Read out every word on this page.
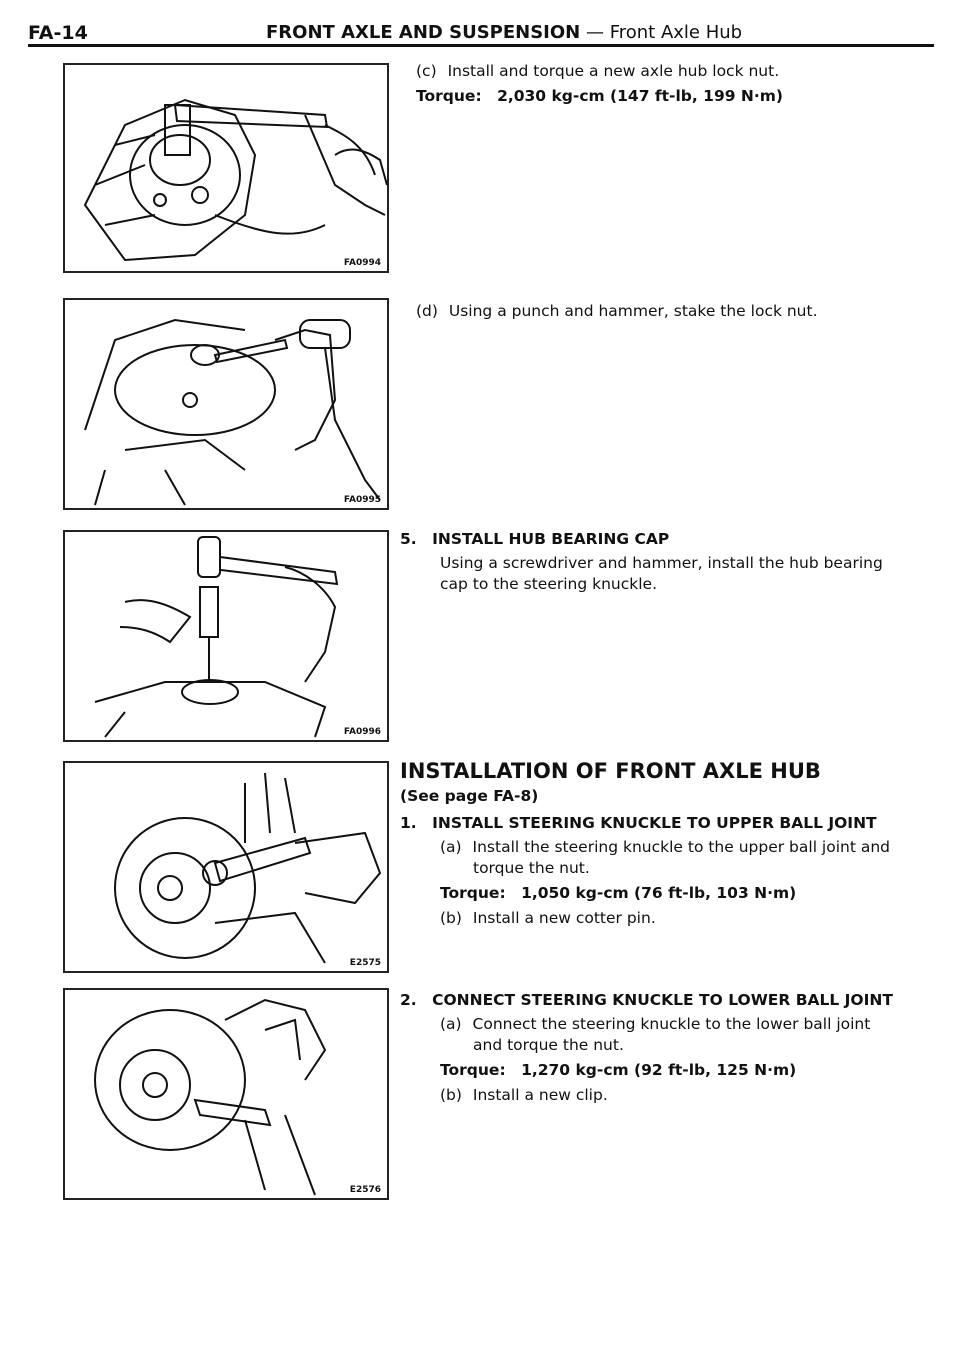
FA-14	FRONT AXLE AND SUSPENSION — Front Axle Hub
FA0994
FA0995
FA0996
E2575
E2576
(c) Install and torque a new axle hub lock nut.
Torque: 2,030 kg-cm (147 ft-lb, 199 N·m)
(d) Using a punch and hammer, stake the lock nut.
5. INSTALL HUB BEARING CAP
Using a screwdriver and hammer, install the hub bearing
cap to the steering knuckle.
INSTALLATION OF FRONT AXLE HUB
(See page FA-8)
1. INSTALL STEERING KNUCKLE TO UPPER BALL JOINT
(a) Install the steering knuckle to the upper ball joint and
torque the nut.
Torque: 1,050 kg-cm (76 ft-lb, 103 N·m)
(b) Install a new cotter pin.
2. CONNECT STEERING KNUCKLE TO LOWER BALL JOINT
(a) Connect the steering knuckle to the lower ball joint
and torque the nut.
Torque: 1,270 kg-cm (92 ft-lb, 125 N·m)
(b) Install a new clip.
